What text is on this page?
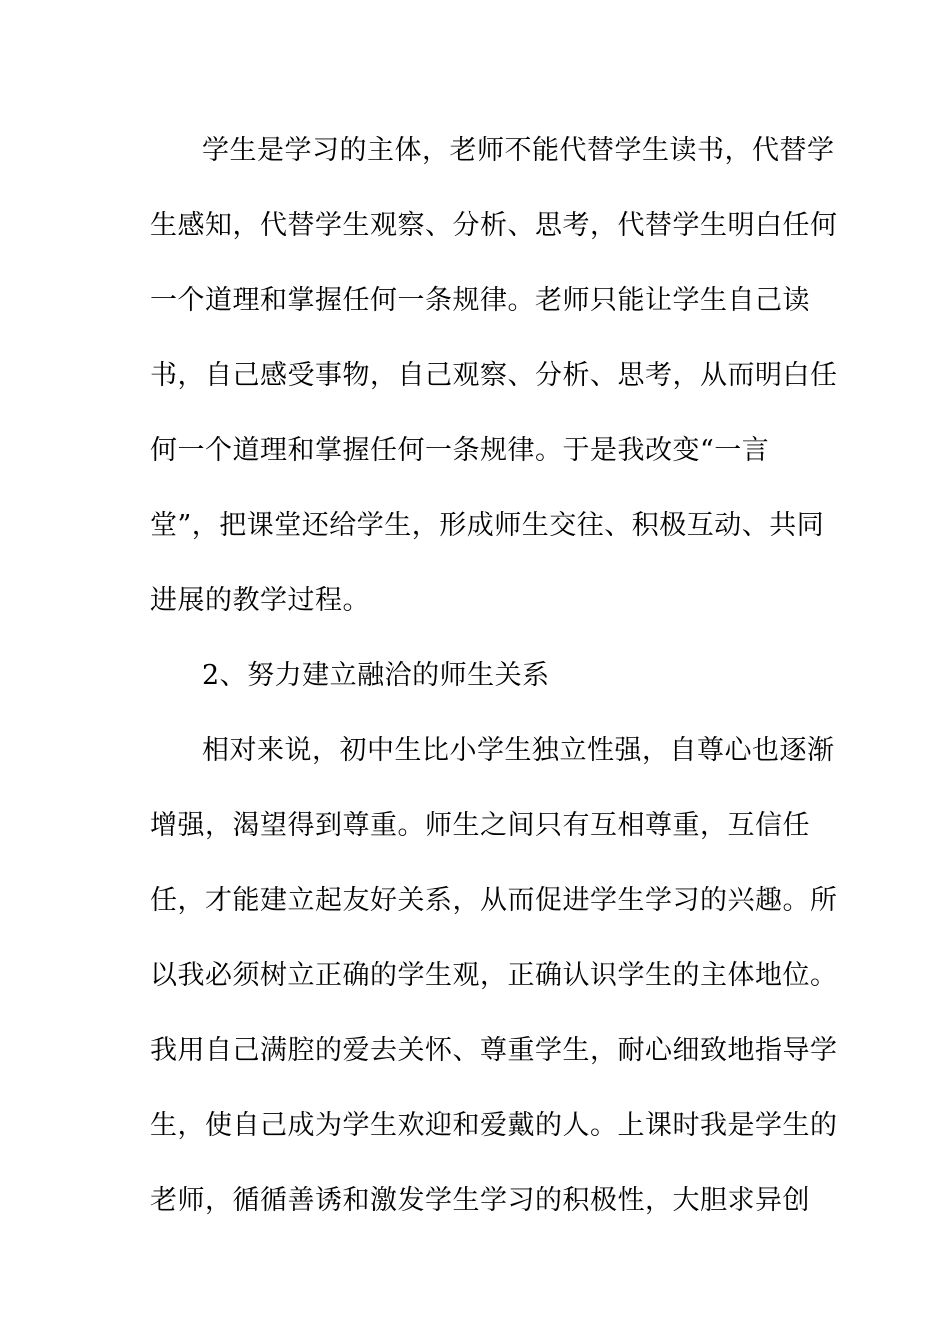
学生是学习的主体，老师不能代替学生读书，代替学
生感知，代替学生观察、分析、思考，代替学生明白任何
一个道理和掌握任何一条规律。老师只能让学生自己读
书，自己感受事物，自己观察、分析、思考，从而明白任
何一个道理和掌握任何一条规律。于是我改变“一言
堂”，把课堂还给学生，形成师生交往、积极互动、共同
进展的教学过程。
2、努力建立融洽的师生关系
相对来说，初中生比小学生独立性强，自尊心也逐渐
增强，渴望得到尊重。师生之间只有互相尊重，互信任
任，才能建立起友好关系，从而促进学生学习的兴趣。所
以我必须树立正确的学生观，正确认识学生的主体地位。
我用自己满腔的爱去关怀、尊重学生，耐心细致地指导学
生，使自己成为学生欢迎和爱戴的人。上课时我是学生的
老师，循循善诱和激发学生学习的积极性，大胆求异创
